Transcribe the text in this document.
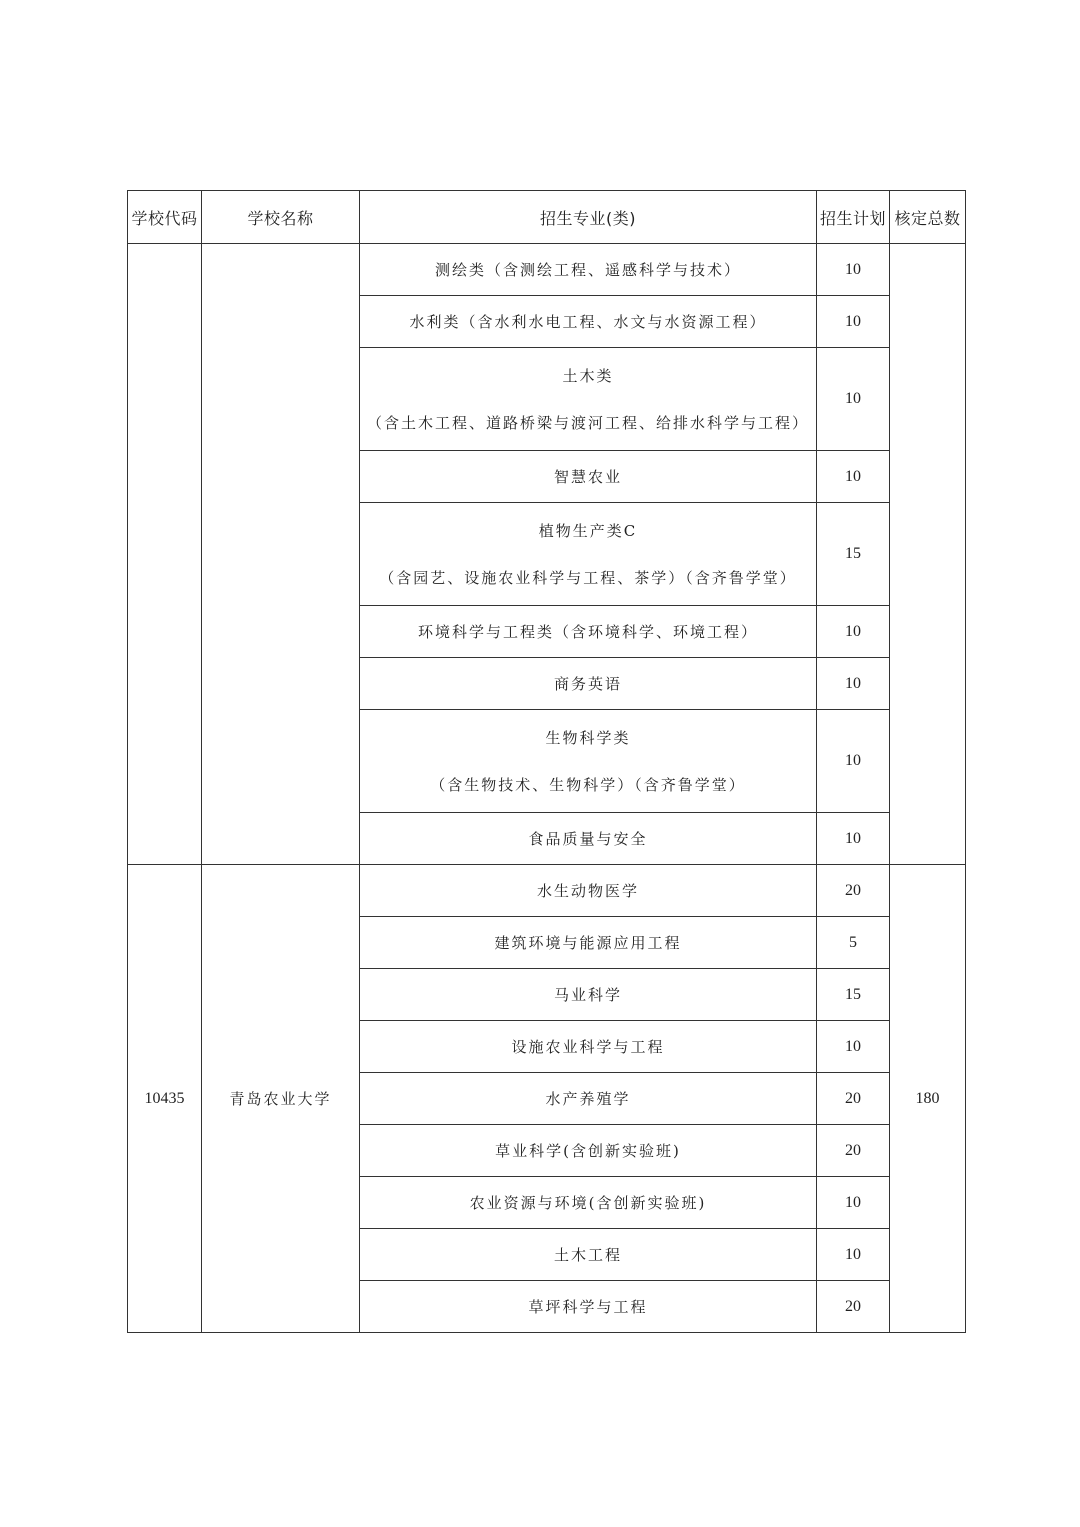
学校代码	学校名称	招生专业(类)	招生计划	核定总数
		测绘类（含测绘工程、遥感科学与技术）	10	
		水利类（含水利水电工程、水文与水资源工程）	10	
		土木类
（含土木工程、道路桥梁与渡河工程、给排水科学与工程）	10	
		智慧农业	10	
		植物生产类C
（含园艺、设施农业科学与工程、茶学）（含齐鲁学堂）	15	
		环境科学与工程类（含环境科学、环境工程）	10	
		商务英语	10	
		生物科学类
（含生物技术、生物科学）（含齐鲁学堂）	10	
		食品质量与安全	10	
10435	青岛农业大学	水生动物医学	20	180
		建筑环境与能源应用工程	5	
		马业科学	15	
		设施农业科学与工程	10	
		水产养殖学	20	
		草业科学(含创新实验班)	20	
		农业资源与环境(含创新实验班)	10	
		土木工程	10	
		草坪科学与工程	20	
